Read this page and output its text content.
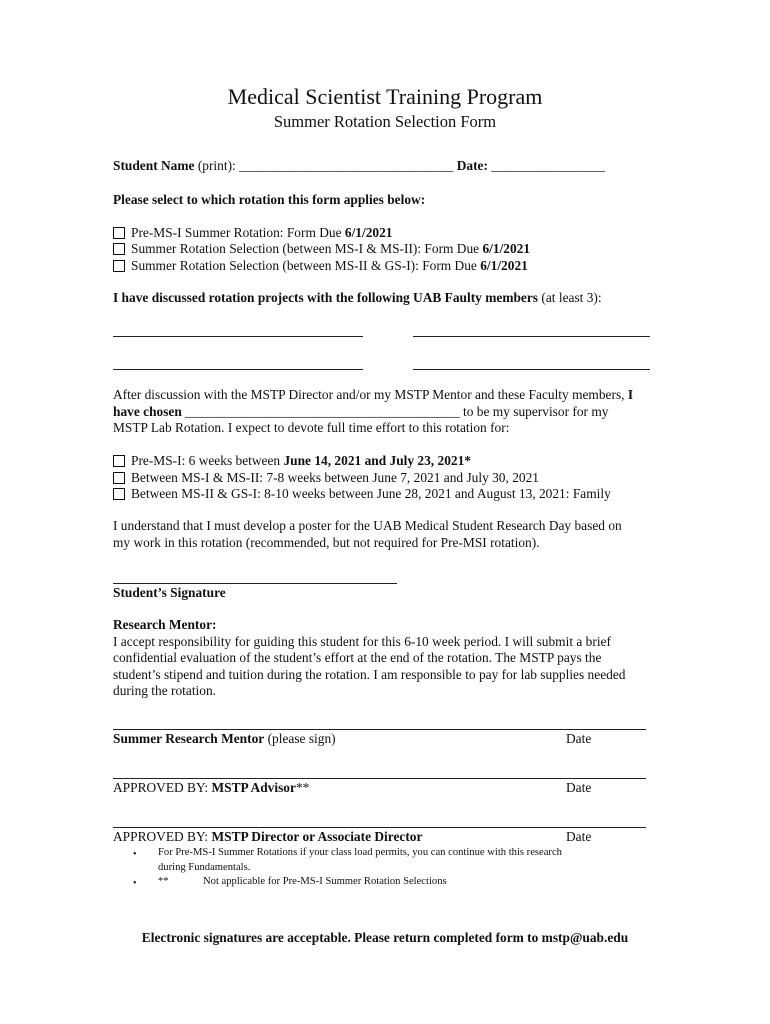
Medical Scientist Training Program
Summer Rotation Selection Form
Student Name (print): ________________________________ Date: _________________
Please select to which rotation this form applies below:
Pre-MS-I Summer Rotation: Form Due 6/1/2021
Summer Rotation Selection (between MS-I & MS-II): Form Due 6/1/2021
Summer Rotation Selection (between MS-II & GS-I): Form Due 6/1/2021
I have discussed rotation projects with the following UAB Faulty members (at least 3):
After discussion with the MSTP Director and/or my MSTP Mentor and these Faculty members, I
have chosen _________________________________________ to be my supervisor for my
MSTP Lab Rotation. I expect to devote full time effort to this rotation for:
Pre-MS-I: 6 weeks between June 14, 2021 and July 23, 2021*
Between MS-I & MS-II: 7-8 weeks between June 7, 2021 and July 30, 2021
Between MS-II & GS-I: 8-10 weeks between June 28, 2021 and August 13, 2021: Family
I understand that I must develop a poster for the UAB Medical Student Research Day based on
my work in this rotation (recommended, but not required for Pre-MSI rotation).
Student’s Signature
Research Mentor:
I accept responsibility for guiding this student for this 6-10 week period. I will submit a brief
confidential evaluation of the student’s effort at the end of the rotation. The MSTP pays the
student’s stipend and tuition during the rotation. I am responsible to pay for lab supplies needed
during the rotation.
Summer Research Mentor (please sign)	Date
APPROVED BY: MSTP Advisor**	Date
APPROVED BY: MSTP Director or Associate Director	Date
• For Pre-MS-I Summer Rotations if your class load permits, you can continue with this research
during Fundamentals.
• **	Not applicable for Pre-MS-I Summer Rotation Selections
Electronic signatures are acceptable. Please return completed form to mstp@uab.edu
